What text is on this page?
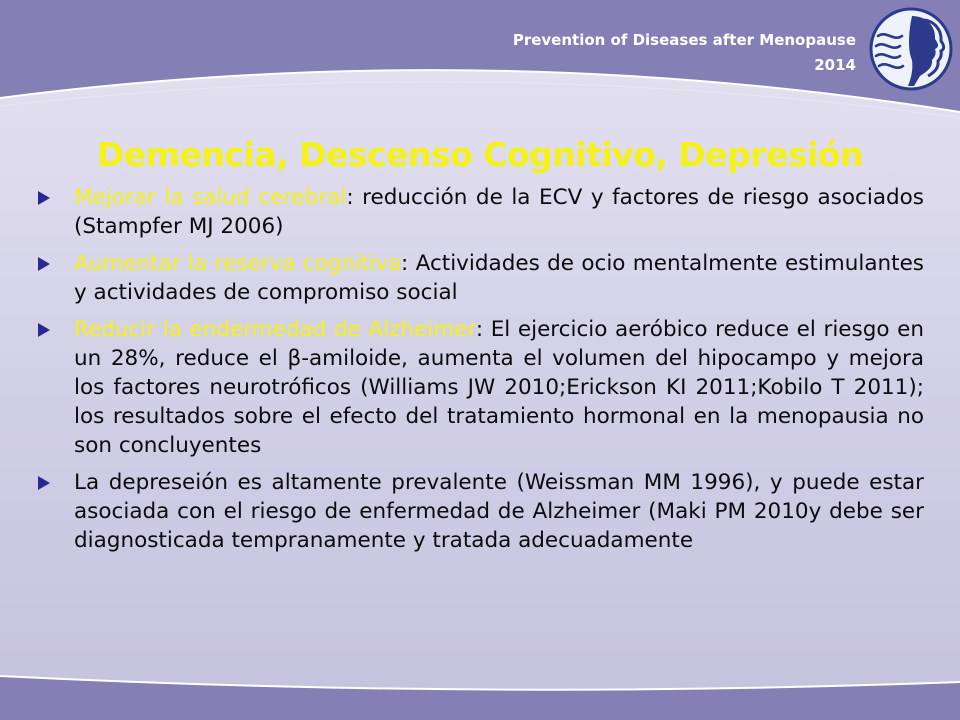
Prevention of Diseases after Menopause
2014
Demencia, Descenso Cognitivo, Depresión
Mejorar la salud cerebral: reducción de la ECV y factores de riesgo asociados (Stampfer MJ 2006)
Aumentar la reserva cognitiva: Actividades de ocio mentalmente estimulantes y actividades de compromiso social
Reducir la endermedad de Alzheimer: El ejercicio aeróbico reduce el riesgo en un 28%, reduce el β-amiloide, aumenta el volumen del hipocampo y mejora los factores neurotróficos (Williams JW 2010;Erickson KI 2011;Kobilo T 2011); los resultados sobre el efecto del tratamiento hormonal en la menopausia no son concluyentes
La depreseión es altamente prevalente (Weissman MM 1996), y puede estar asociada con el riesgo de enfermedad de Alzheimer (Maki PM 2010y debe ser diagnosticada tempranamente y tratada adecuadamente
